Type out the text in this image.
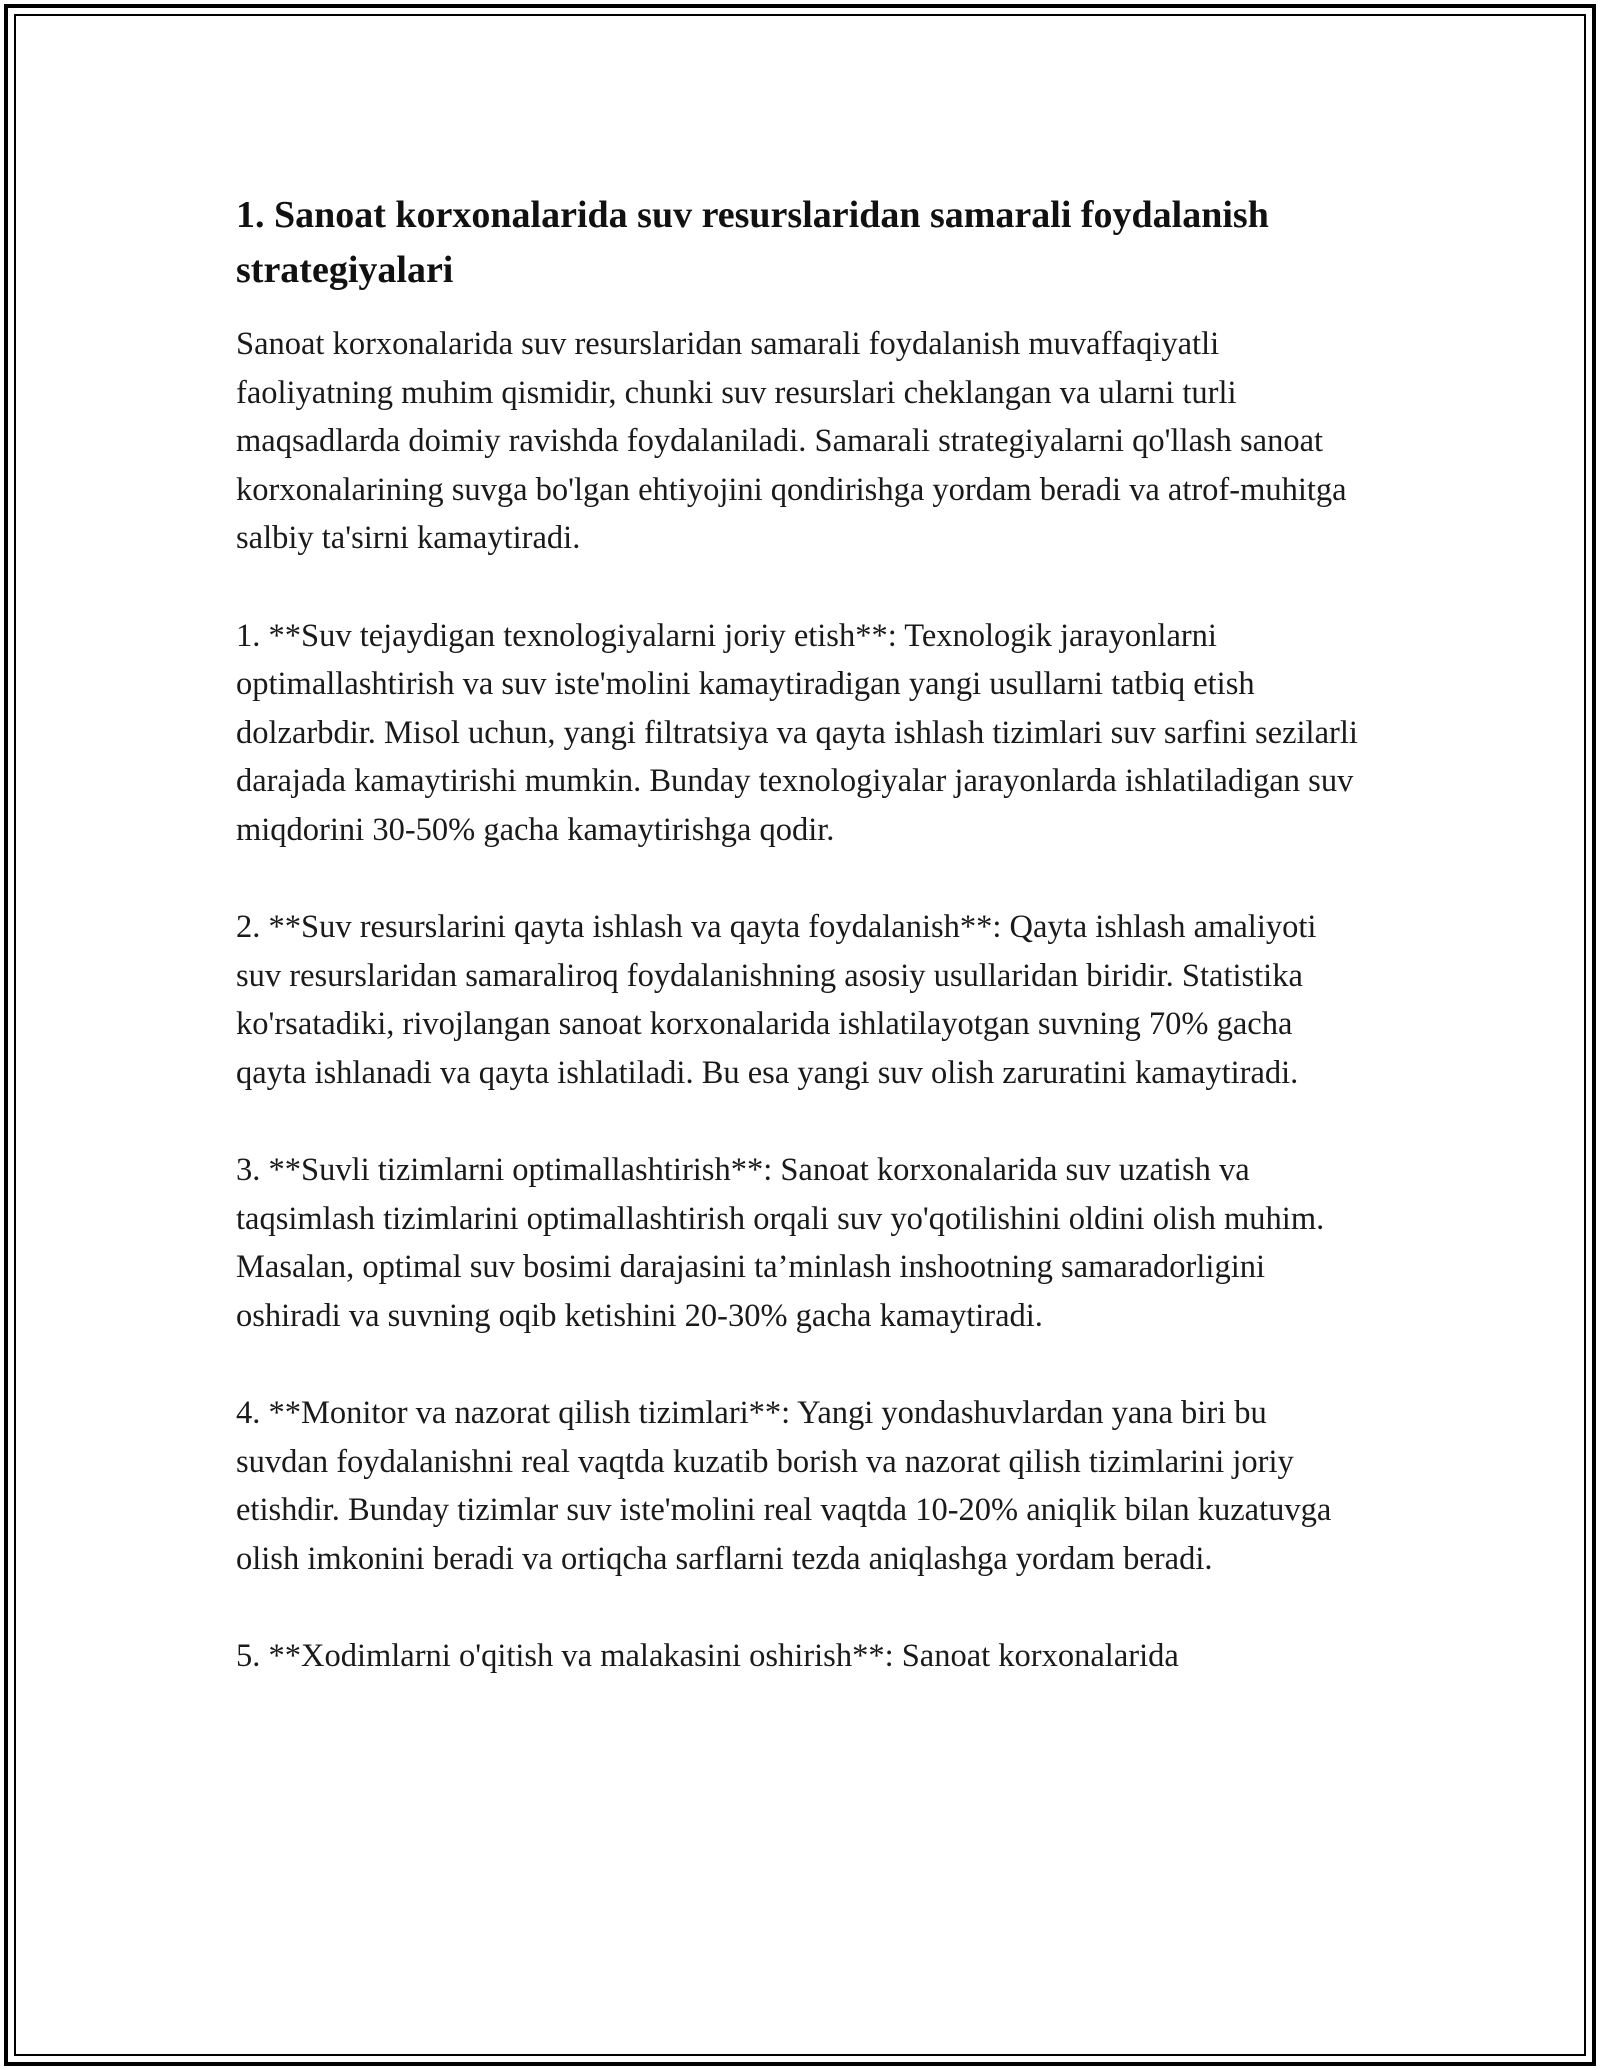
1. Sanoat korxonalarida suv resurslaridan samarali foydalanish strategiyalari

Sanoat korxonalarida suv resurslaridan samarali foydalanish muvaffaqiyatli faoliyatning muhim qismidir, chunki suv resurslari cheklangan va ularni turli maqsadlarda doimiy ravishda foydalaniladi. Samarali strategiyalarni qo'llash sanoat korxonalarining suvga bo'lgan ehtiyojini qondirishga yordam beradi va atrof-muhitga salbiy ta'sirni kamaytiradi.

1. **Suv tejaydigan texnologiyalarni joriy etish**: Texnologik jarayonlarni optimallashtirish va suv iste'molini kamaytiradigan yangi usullarni tatbiq etish dolzarbdir. Misol uchun, yangi filtratsiya va qayta ishlash tizimlari suv sarfini sezilarli darajada kamaytirishi mumkin. Bunday texnologiyalar jarayonlarda ishlatiladigan suv miqdorini 30-50% gacha kamaytirishga qodir.

2. **Suv resurslarini qayta ishlash va qayta foydalanish**: Qayta ishlash amaliyoti suv resurslaridan samaraliroq foydalanishning asosiy usullaridan biridir. Statistika ko'rsatadiki, rivojlangan sanoat korxonalarida ishlatilayotgan suvning 70% gacha qayta ishlanadi va qayta ishlatiladi. Bu esa yangi suv olish zaruratini kamaytiradi.

3. **Suvli tizimlarni optimallashtirish**: Sanoat korxonalarida suv uzatish va taqsimlash tizimlarini optimallashtirish orqali suv yo'qotilishini oldini olish muhim. Masalan, optimal suv bosimi darajasini ta’minlash inshootning samaradorligini oshiradi va suvning oqib ketishini 20-30% gacha kamaytiradi.

4. **Monitor va nazorat qilish tizimlari**: Yangi yondashuvlardan yana biri bu suvdan foydalanishni real vaqtda kuzatib borish va nazorat qilish tizimlarini joriy etishdir. Bunday tizimlar suv iste'molini real vaqtda 10-20% aniqlik bilan kuzatuvga olish imkonini beradi va ortiqcha sarflarni tezda aniqlashga yordam beradi.

5. **Xodimlarni o'qitish va malakasini oshirish**: Sanoat korxonalarida
